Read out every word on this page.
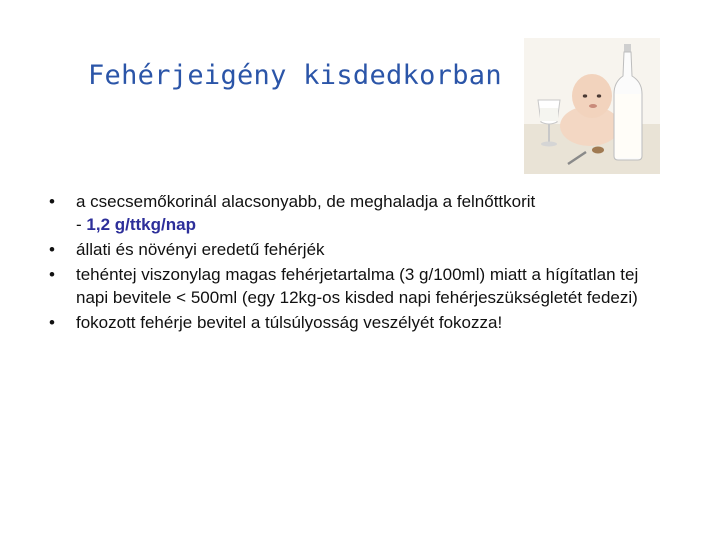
Fehérjeigény kisdedkorban
•	a csecsemőkorinál alacsonyabb, de meghaladja a felnőttkorit
- 1,2 g/ttkg/nap
•	állati és növényi eredetű fehérjék
•	tehéntej viszonylag magas fehérjetartalma (3 g/100ml) miatt a hígítatlan tej napi bevitele < 500ml (egy 12kg-os kisded napi fehérjeszükségletét fedezi)
•	fokozott fehérje bevitel a túlsúlyosság veszélyét fokozza!
